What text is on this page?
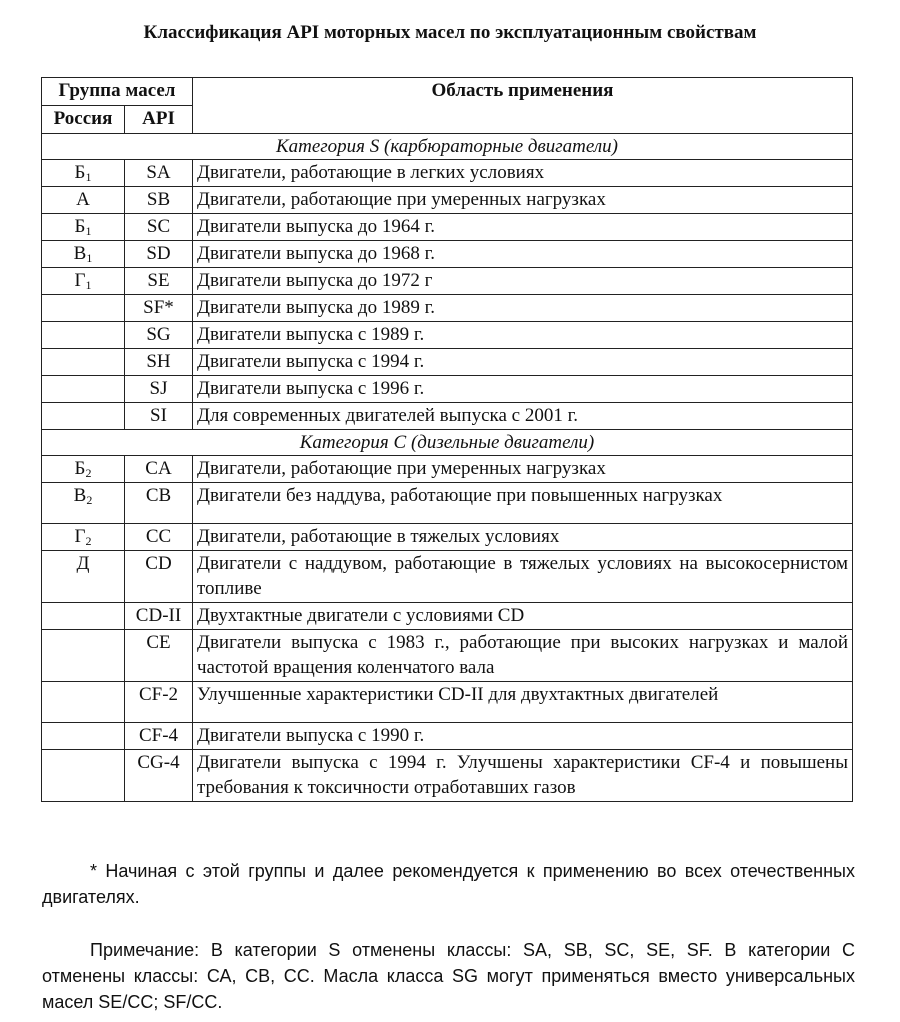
Классификация API моторных масел по эксплуатационным свойствам
Группа масел		Область применения
Россия	API	
Категория S (карбюраторные двигатели)		
$Б_1$	SA	Двигатели, работающие в легких условиях
А	SB	Двигатели, работающие при умеренных нагрузках
$Б_1$	SC	Двигатели выпуска до 1964 г.
$В_1$	SD	Двигатели выпуска до 1968 г.
$Г_1$	SE	Двигатели выпуска до 1972 г
	SF*	Двигатели выпуска до 1989 г.
	SG	Двигатели выпуска с 1989 г.
	SH	Двигатели выпуска с 1994 г.
	SJ	Двигатели выпуска с 1996 г.
	SI	Для современных двигателей выпуска с 2001 г.
Категория С (дизельные двигатели)		
$Б_2$	CA	Двигатели, работающие при умеренных нагрузках
$В_2$	CB	Двигатели без наддува, работающие при повышенных нагрузках
$Г_2$	CC	Двигатели, работающие в тяжелых условиях
Д	CD	Двигатели с наддувом, работающие в тяжелых условиях на высокосернистом топливе
	CD-II	Двухтактные двигатели с условиями CD
	CE	Двигатели выпуска с 1983 г., работающие при высоких нагрузках и малой частотой вращения коленчатого вала
	CF-2	Улучшенные характеристики CD-II для двухтактных двигателей
	CF-4	Двигатели выпуска с 1990 г.
	CG-4	Двигатели выпуска с 1994 г. Улучшены характеристики CF-4 и повышены требования к токсичности отработавших газов
* Начиная с этой группы и далее рекомендуется к применению во всех отечественных двигателях.
Примечание: В категории S отменены классы: SA, SB, SC, SE, SF. В категории С отменены классы: СА, СВ, СС. Масла класса SG могут применяться вместо универсальных масел SE/CC; SF/CC.
